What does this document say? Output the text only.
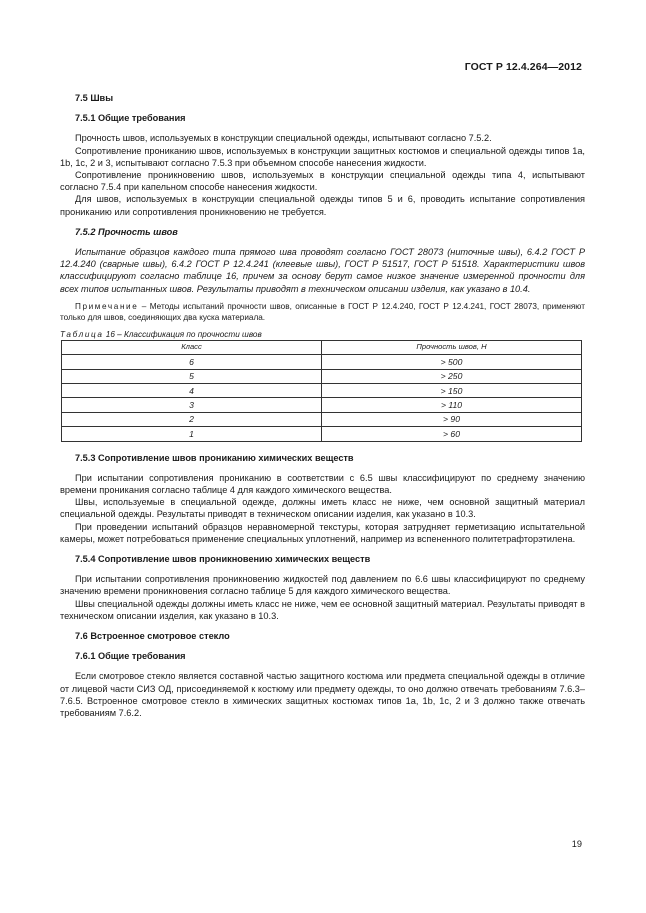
ГОСТ Р 12.4.264—2012
7.5 Швы
7.5.1 Общие требования

Прочность швов, используемых в конструкции специальной одежды, испытывают согласно 7.5.2.

Сопротивление прониканию швов, используемых в конструкции защитных костюмов и специальной одежды типов 1а, 1b, 1c, 2 и 3, испытывают согласно 7.5.3 при объемном способе нанесения жидкости.

Сопротивление проникновению швов, используемых в конструкции специальной одежды типа 4, испытывают согласно 7.5.4 при капельном способе нанесения жидкости.

Для швов, используемых в конструкции специальной одежды типов 5 и 6, проводить испытание сопротивления прониканию или сопротивления проникновению не требуется.

7.5.2 Прочность швов

Испытание образцов каждого типа прямого шва проводят согласно ГОСТ 28073 (ниточные швы), 6.4.2 ГОСТ Р 12.4.240 (сварные швы), 6.4.2 ГОСТ Р 12.4.241 (клеевые швы), ГОСТ Р 51517, ГОСТ Р 51518. Характеристики швов классифицируют согласно таблице 16, причем за основу берут самое низкое значение измеренной прочности для всех типов испытанных швов. Результаты приводят в техническом описании изделия, как указано в 10.4.

Примечание – Методы испытаний прочности швов, описанные в ГОСТ Р 12.4.240, ГОСТ Р 12.4.241, ГОСТ 28073, применяют только для швов, соединяющих два куска материала.

Таблица 16 – Классификация по прочности швов
Класс	Прочность швов, Н
6	> 500
5	> 250
4	> 150
3	> 110
2	> 90
1	> 60
7.5.3 Сопротивление швов прониканию химических веществ

При испытании сопротивления прониканию в соответствии с 6.5 швы классифицируют по среднему значению времени проникания согласно таблице 4 для каждого химического вещества.

Швы, используемые в специальной одежде, должны иметь класс не ниже, чем основной защитный материал специальной одежды. Результаты приводят в техническом описании изделия, как указано в 10.3.

При проведении испытаний образцов неравномерной текстуры, которая затрудняет герметизацию испытательной камеры, может потребоваться применение специальных уплотнений, например из вспененного политетрафторэтилена.

7.5.4 Сопротивление швов проникновению химических веществ

При испытании сопротивления проникновению жидкостей под давлением по 6.6 швы классифицируют по среднему значению времени проникновения согласно таблице 5 для каждого химического вещества.

Швы специальной одежды должны иметь класс не ниже, чем ее основной защитный материал. Результаты приводят в техническом описании изделия, как указано в 10.3.

7.6 Встроенное смотровое стекло
7.6.1 Общие требования

Если смотровое стекло является составной частью защитного костюма или предмета специальной одежды в отличие от лицевой части СИЗ ОД, присоединяемой к костюму или предмету одежды, то оно должно отвечать требованиям 7.6.3–7.6.5. Встроенное смотровое стекло в химических защитных костюмах типов 1а, 1b, 1c, 2 и 3 должно также отвечать требованиям 7.6.2.

19
